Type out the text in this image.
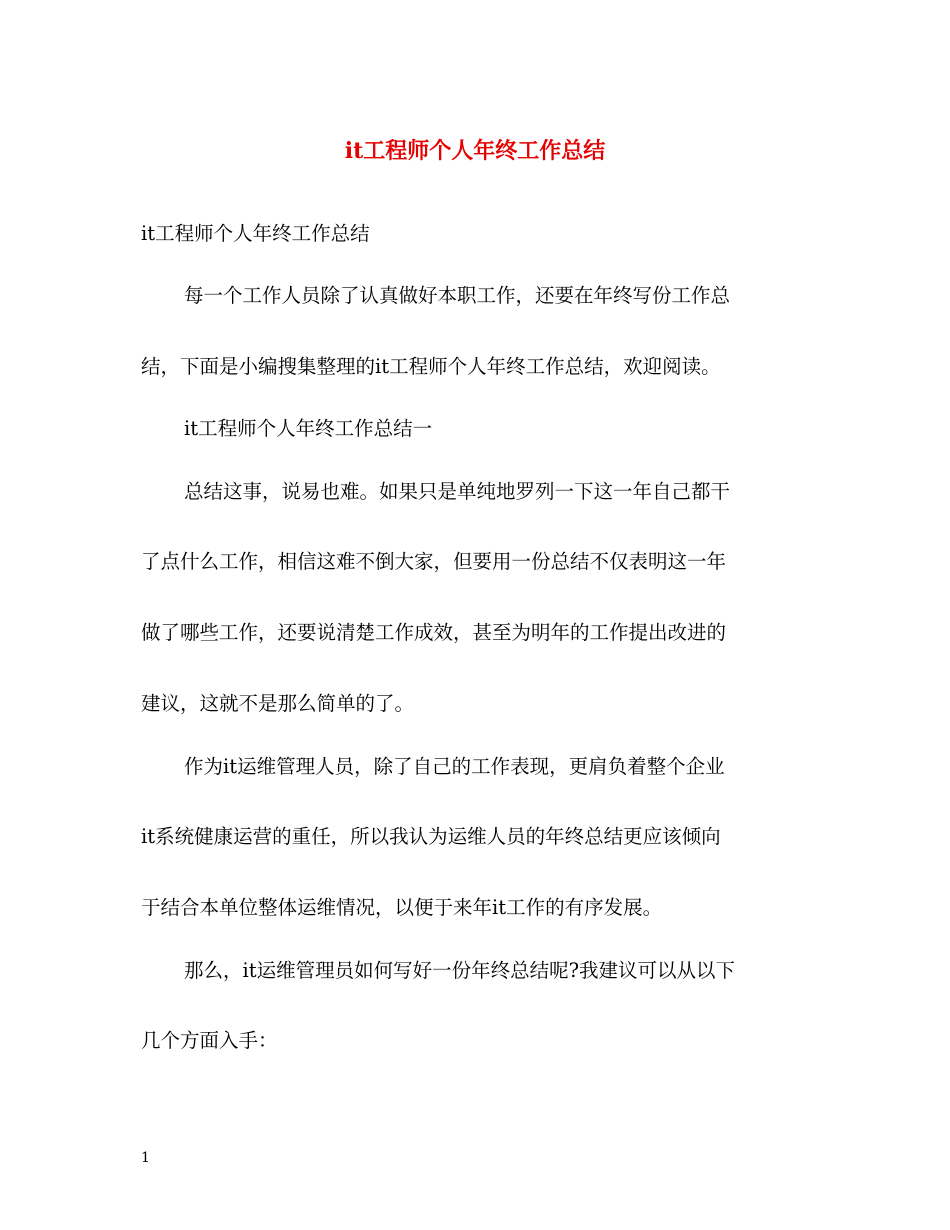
it工程师个人年终工作总结

it工程师个人年终工作总结

每一个工作人员除了认真做好本职工作，还要在年终写份工作总

结，下面是小编搜集整理的it工程师个人年终工作总结，欢迎阅读。

it工程师个人年终工作总结一

总结这事，说易也难。如果只是单纯地罗列一下这一年自己都干

了点什么工作，相信这难不倒大家，但要用一份总结不仅表明这一年

做了哪些工作，还要说清楚工作成效，甚至为明年的工作提出改进的

建议，这就不是那么简单的了。

作为it运维管理人员，除了自己的工作表现，更肩负着整个企业

it系统健康运营的重任，所以我认为运维人员的年终总结更应该倾向

于结合本单位整体运维情况，以便于来年it工作的有序发展。

那么，it运维管理员如何写好一份年终总结呢?我建议可以从以下

几个方面入手：

1
